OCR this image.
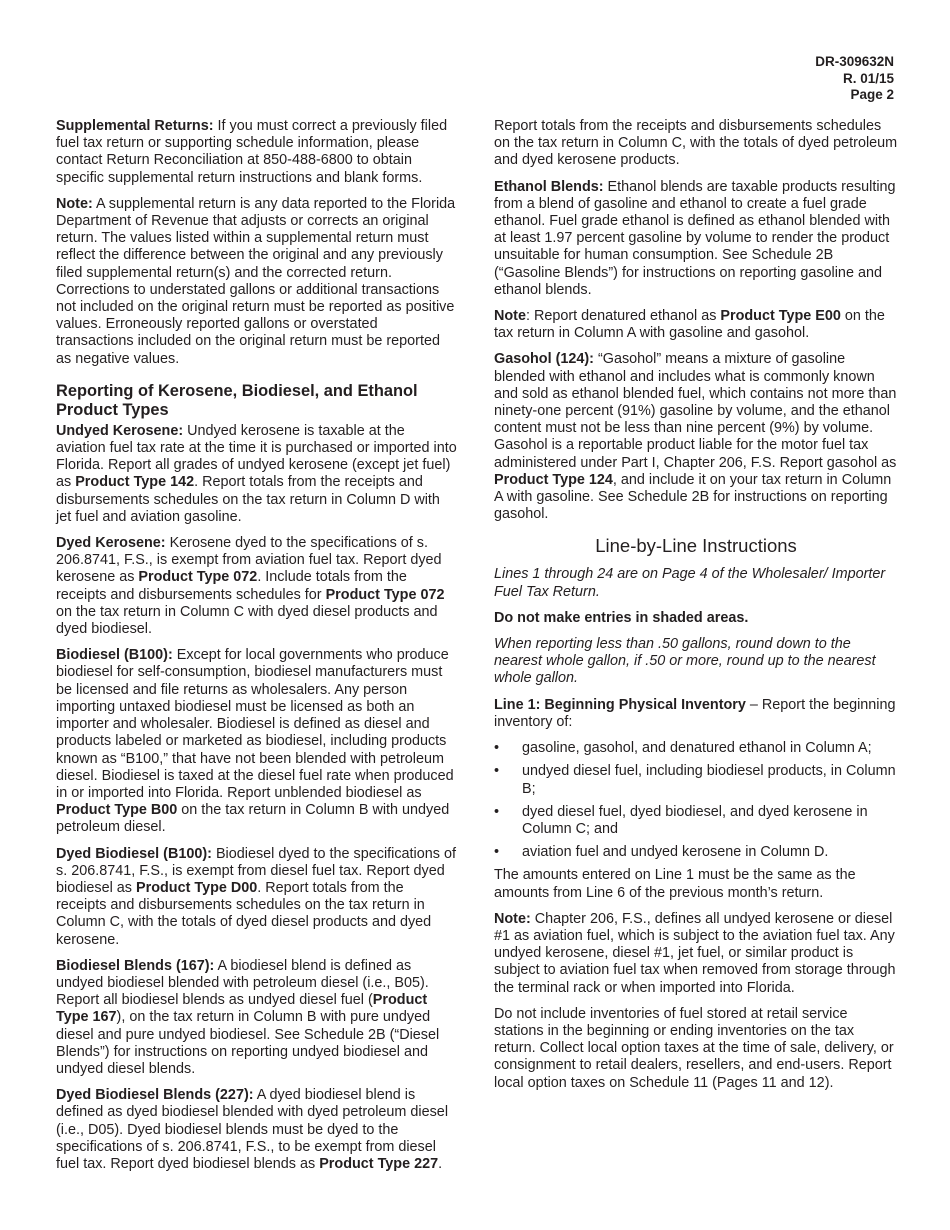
DR-309632N
R. 01/15
Page 2

Supplemental Returns: If you must correct a previously filed fuel tax return or supporting schedule information, please contact Return Reconciliation at 850-488-6800 to obtain specific supplemental return instructions and blank forms.

Note: A supplemental return is any data reported to the Florida Department of Revenue that adjusts or corrects an original return. The values listed within a supplemental return must reflect the difference between the original and any previously filed supplemental return(s) and the corrected return. Corrections to understated gallons or additional transactions not included on the original return must be reported as positive values. Erroneously reported gallons or overstated transactions included on the original return must be reported as negative values.

Reporting of Kerosene, Biodiesel, and Ethanol Product Types

Undyed Kerosene: Undyed kerosene is taxable at the aviation fuel tax rate at the time it is purchased or imported into Florida. Report all grades of undyed kerosene (except jet fuel) as Product Type 142. Report totals from the receipts and disbursements schedules on the tax return in Column D with jet fuel and aviation gasoline.

Dyed Kerosene: Kerosene dyed to the specifications of s. 206.8741, F.S., is exempt from aviation fuel tax. Report dyed kerosene as Product Type 072. Include totals from the receipts and disbursements schedules for Product Type 072 on the tax return in Column C with dyed diesel products and dyed biodiesel.

Biodiesel (B100): Except for local governments who produce biodiesel for self-consumption, biodiesel manufacturers must be licensed and file returns as wholesalers. Any person importing untaxed biodiesel must be licensed as both an importer and wholesaler. Biodiesel is defined as diesel and products labeled or marketed as biodiesel, including products known as “B100,” that have not been blended with petroleum diesel. Biodiesel is taxed at the diesel fuel rate when produced in or imported into Florida. Report unblended biodiesel as Product Type B00 on the tax return in Column B with undyed petroleum diesel.

Dyed Biodiesel (B100): Biodiesel dyed to the specifications of s. 206.8741, F.S., is exempt from diesel fuel tax. Report dyed biodiesel as Product Type D00. Report totals from the receipts and disbursements schedules on the tax return in Column C, with the totals of dyed diesel products and dyed kerosene.

Biodiesel Blends (167): A biodiesel blend is defined as undyed biodiesel blended with petroleum diesel (i.e., B05). Report all biodiesel blends as undyed diesel fuel (Product Type 167), on the tax return in Column B with pure undyed diesel and pure undyed biodiesel. See Schedule 2B (“Diesel Blends”) for instructions on reporting undyed biodiesel and undyed diesel blends.

Dyed Biodiesel Blends (227): A dyed biodiesel blend is defined as dyed biodiesel blended with dyed petroleum diesel (i.e., D05). Dyed biodiesel blends must be dyed to the specifications of s. 206.8741, F.S., to be exempt from diesel fuel tax. Report dyed biodiesel blends as Product Type 227.

Report totals from the receipts and disbursements schedules on the tax return in Column C, with the totals of dyed petroleum and dyed kerosene products.

Ethanol Blends: Ethanol blends are taxable products resulting from a blend of gasoline and ethanol to create a fuel grade ethanol. Fuel grade ethanol is defined as ethanol blended with at least 1.97 percent gasoline by volume to render the product unsuitable for human consumption. See Schedule 2B (“Gasoline Blends”) for instructions on reporting gasoline and ethanol blends.

Note: Report denatured ethanol as Product Type E00 on the tax return in Column A with gasoline and gasohol.

Gasohol (124): “Gasohol” means a mixture of gasoline blended with ethanol and includes what is commonly known and sold as ethanol blended fuel, which contains not more than ninety-one percent (91%) gasoline by volume, and the ethanol content must not be less than nine percent (9%) by volume. Gasohol is a reportable product liable for the motor fuel tax administered under Part I, Chapter 206, F.S. Report gasohol as Product Type 124, and include it on your tax return in Column A with gasoline. See Schedule 2B for instructions on reporting gasohol.

Line-by-Line Instructions

Lines 1 through 24 are on Page 4 of the Wholesaler/ Importer Fuel Tax Return.

Do not make entries in shaded areas.

When reporting less than .50 gallons, round down to the nearest whole gallon, if .50 or more, round up to the nearest whole gallon.

Line 1: Beginning Physical Inventory – Report the beginning inventory of:

• gasoline, gasohol, and denatured ethanol in Column A;
• undyed diesel fuel, including biodiesel products, in Column B;
• dyed diesel fuel, dyed biodiesel, and dyed kerosene in Column C; and
• aviation fuel and undyed kerosene in Column D.

The amounts entered on Line 1 must be the same as the amounts from Line 6 of the previous month’s return.

Note: Chapter 206, F.S., defines all undyed kerosene or diesel #1 as aviation fuel, which is subject to the aviation fuel tax. Any undyed kerosene, diesel #1, jet fuel, or similar product is subject to aviation fuel tax when removed from storage through the terminal rack or when imported into Florida.

Do not include inventories of fuel stored at retail service stations in the beginning or ending inventories on the tax return. Collect local option taxes at the time of sale, delivery, or consignment to retail dealers, resellers, and end-users. Report local option taxes on Schedule 11 (Pages 11 and 12).
